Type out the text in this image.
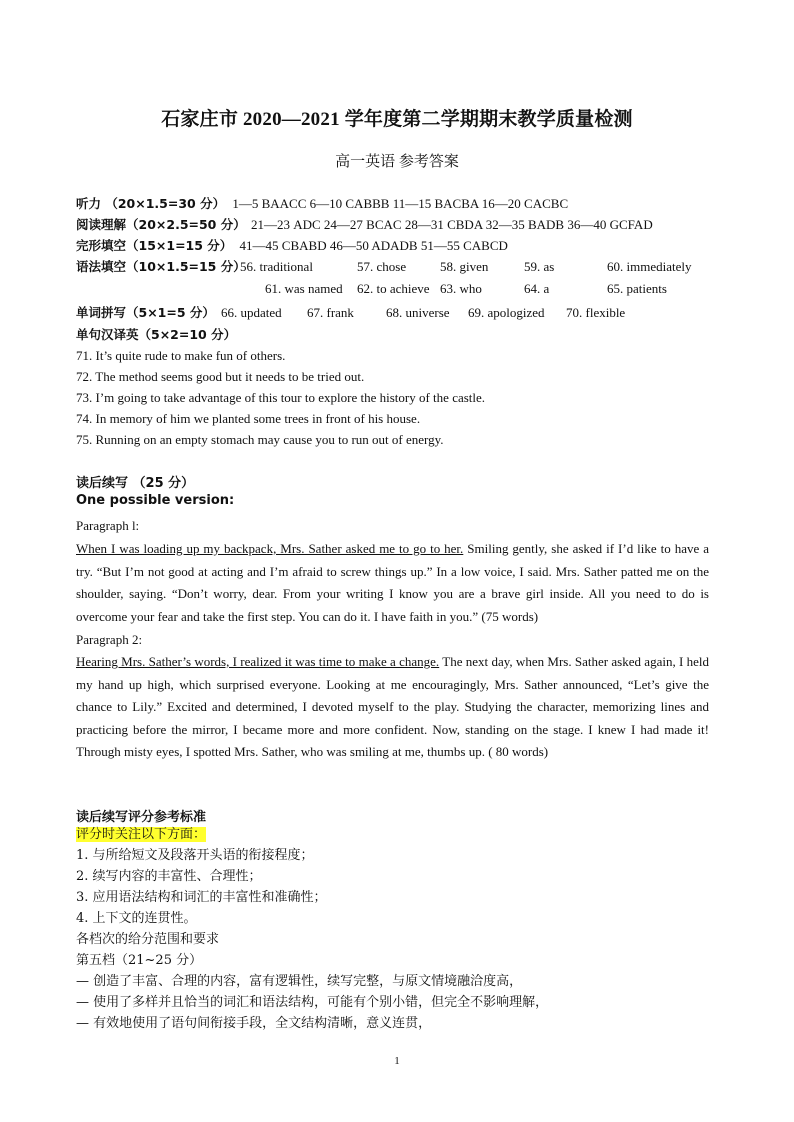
石家庄市 2020—2021 学年度第二学期期末教学质量检测
高一英语 参考答案
听力 （20×1.5=30 分） 1—5 BAACC 6—10 CABBB 11—15 BACBA 16—20 CACBC
阅读理解（20×2.5=50 分） 21—23 ADC 24—27 BCAC 28—31 CBDA 32—35 BADB 36—40 GCFAD
完形填空（15×1=15 分） 41—45 CBABD 46—50 ADADB 51—55 CABCD
语法填空（10×1.5=15 分）
56. traditional	57. chose	58. given	59. as	60. immediately
61. was named 62. to achieve 63. who	64. a	65. patients
单词拼写（5×1=5 分） 66. updated 67. frank 68. universe 69. apologized 70. flexible
单句汉译英（5×2=10 分）
71. It’s quite rude to make fun of others.
72. The method seems good but it needs to be tried out.
73. I’m going to take advantage of this tour to explore the history of the castle.
74. In memory of him we planted some trees in front of his house.
75. Running on an empty stomach may cause you to run out of energy.
读后续写 （25 分）
One possible version:
Paragraph l:
When I was loading up my backpack, Mrs. Sather asked me to go to her. Smiling gently, she asked if I’d like to have a try. “But I’m not good at acting and I’m afraid to screw things up.” In a low voice, I said. Mrs. Sather patted me on the shoulder, saying. “Don’t worry, dear. From your writing I know you are a brave girl inside. All you need to do is overcome your fear and take the first step. You can do it. I have faith in you.” (75 words)
Paragraph 2:
Hearing Mrs. Sather’s words, I realized it was time to make a change. The next day, when Mrs. Sather asked again, I held my hand up high, which surprised everyone. Looking at me encouragingly, Mrs. Sather announced, “Let’s give the chance to Lily.” Excited and determined, I devoted myself to the play. Studying the character, memorizing lines and practicing before the mirror, I became more and more confident. Now, standing on the stage. I knew I had made it! Through misty eyes, I spotted Mrs. Sather, who was smiling at me, thumbs up. ( 80 words)
读后续写评分参考标准
评分时关注以下方面：
1. 与所给短文及段落开头语的衔接程度；
2. 续写内容的丰富性、合理性；
3. 应用语法结构和词汇的丰富性和准确性；
4. 上下文的连贯性。
各档次的给分范围和要求
第五档（21~25 分）
— 创造了丰富、合理的内容，富有逻辑性，续写完整，与原文情境融洽度高，
— 使用了多样并且恰当的词汇和语法结构，可能有个别小错，但完全不影响理解，
— 有效地使用了语句间衔接手段，全文结构清晰，意义连贯，
1
